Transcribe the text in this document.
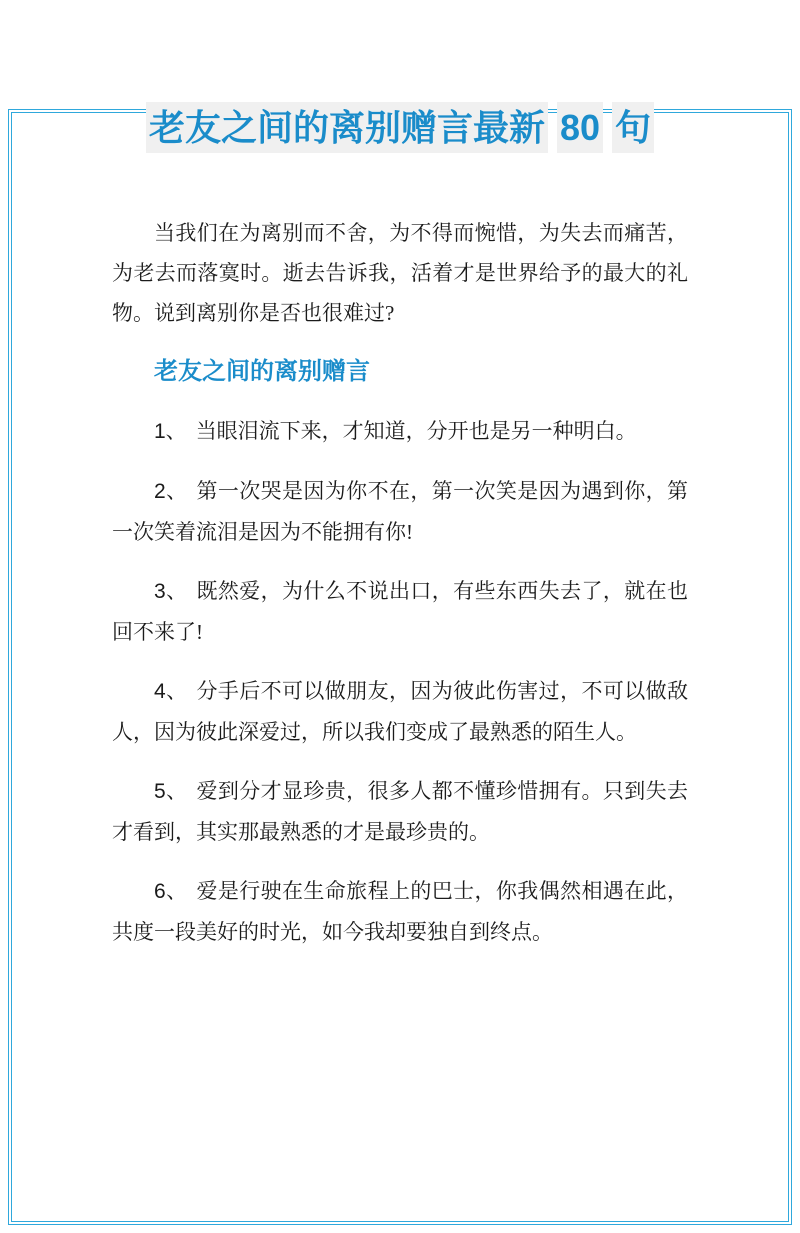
老友之间的离别赠言最新 80 句

当我们在为离别而不舍，为不得而惋惜，为失去而痛苦，为老去而落寞时。逝去告诉我，活着才是世界给予的最大的礼物。说到离别你是否也很难过?

老友之间的离别赠言

1、 当眼泪流下来，才知道，分开也是另一种明白。

2、 第一次哭是因为你不在，第一次笑是因为遇到你，第一次笑着流泪是因为不能拥有你!

3、 既然爱，为什么不说出口，有些东西失去了，就在也回不来了!

4、 分手后不可以做朋友，因为彼此伤害过，不可以做敌人，因为彼此深爱过，所以我们变成了最熟悉的陌生人。

5、 爱到分才显珍贵，很多人都不懂珍惜拥有。只到失去才看到，其实那最熟悉的才是最珍贵的。

6、 爱是行驶在生命旅程上的巴士，你我偶然相遇在此，共度一段美好的时光，如今我却要独自到终点。
